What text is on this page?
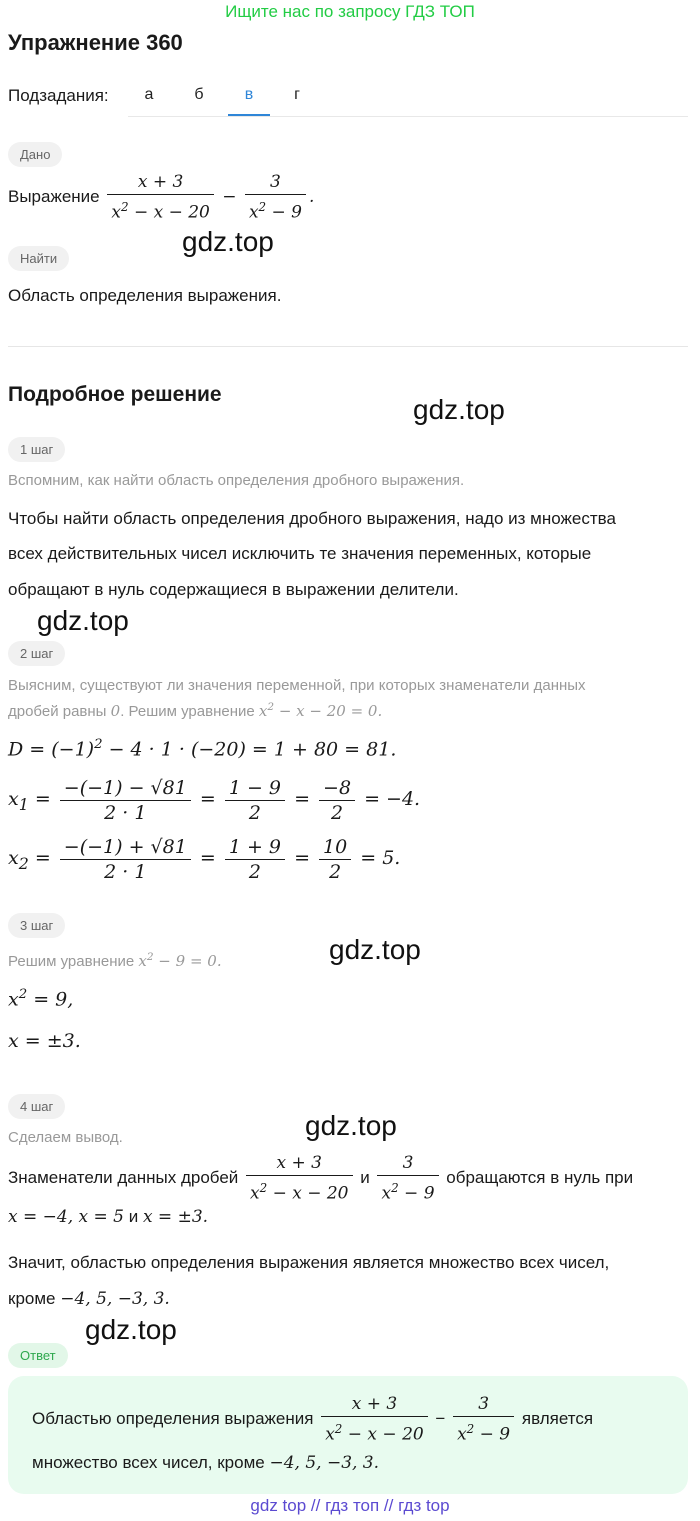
Ищите нас по запросу ГДЗ ТОП
Упражнение 360
Подзадания:	а	б	в	г
Дано
Выражение $\frac{x + 3}{x^2 - x - 20} - \frac{3}{x^2 - 9}$ .
Найти
Область определения выражения.
Подробное решение
1 шаг
Вспомним, как найти область определения дробного выражения.
Чтобы найти область определения дробного выражения, надо из множества
всех действительных чисел исключить те значения переменных, которые
обращают в нуль содержащиеся в выражении делители.
2 шаг
Выясним, существуют ли значения переменной, при которых знаменатели данных
дробей равны 0. Решим уравнение $x^2 - x - 20 = 0$.
$D = (-1)^2 - 4 \cdot 1 \cdot (-20) = 1 + 80 = 81$.
$x_1 = \frac{-(-1) - √81}{2 \cdot 1} = \frac{1 - 9}{2} = \frac{-8}{2} = -4$.
$x_2 = \frac{-(-1) + √81}{2 \cdot 1} = \frac{1 + 9}{2} = \frac{10}{2} = 5$.
3 шаг
Решим уравнение $x^2 - 9 = 0$.
$x^2 = 9$,
x = ±3.
4 шаг
Сделаем вывод.
Знаменатели данных дробей $\frac{x + 3}{x^2 - x - 20}$ и $\frac{3}{x^2 - 9}$ обращаются в нуль при
x = −4, x = 5 и x = ±3.
Значит, областью определения выражения является множество всех чисел,
кроме −4, 5, −3, 3.
Ответ
Областью определения выражения $\frac{x + 3}{x^2 - x - 20} - \frac{3}{x^2 - 9}$ является
множество всех чисел, кроме −4, 5, −3, 3.
gdz.top
gdz.top
gdz.top
gdz.top
gdz.top
gdz.top
gdz top // гдз топ // гдз top
